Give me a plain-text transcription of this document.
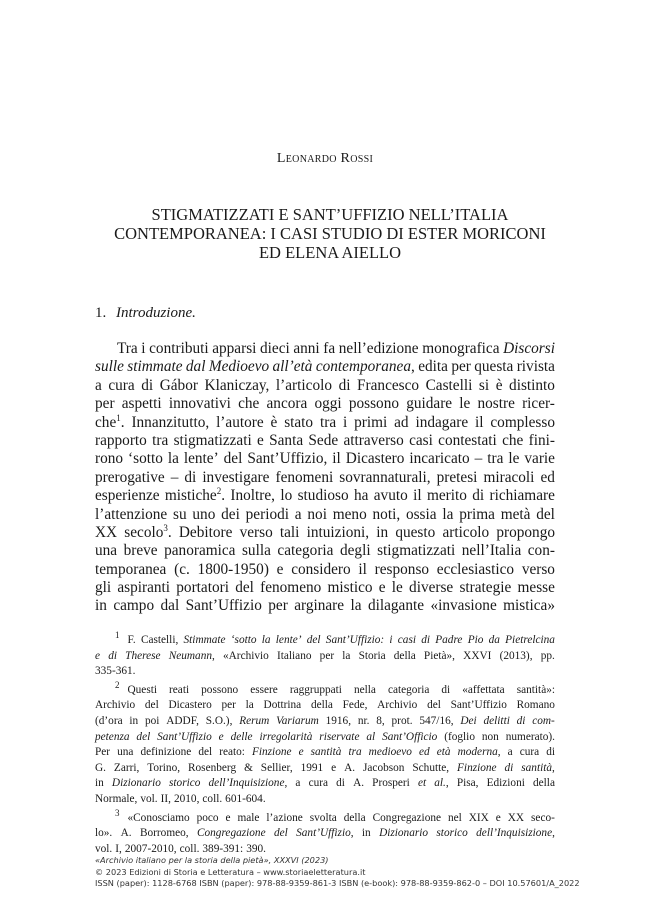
Leonardo Rossi
STIGMATIZZATI E SANT’UFFIZIO NELL’ITALIA
CONTEMPORANEA: I CASI STUDIO DI ESTER MORICONI
ED ELENA AIELLO
1. Introduzione.
Tra i contributi apparsi dieci anni fa nell’edizione monografica Discorsi
sulle stimmate dal Medioevo all’età contemporanea, edita per questa rivista
a cura di Gábor Klaniczay, l’articolo di Francesco Castelli si è distinto
per aspetti innovativi che ancora oggi possono guidare le nostre ricer-
che$^1$. Innanzitutto, l’autore è stato tra i primi ad indagare il complesso
rapporto tra stigmatizzati e Santa Sede attraverso casi contestati che fini-
rono ‘sotto la lente’ del Sant’Uffizio, il Dicastero incaricato – tra le varie
prerogative – di investigare fenomeni sovrannaturali, pretesi miracoli ed
esperienze mistiche$^2$. Inoltre, lo studioso ha avuto il merito di richiamare
l’attenzione su uno dei periodi a noi meno noti, ossia la prima metà del
XX secolo$^3$. Debitore verso tali intuizioni, in questo articolo propongo
una breve panoramica sulla categoria degli stigmatizzati nell’Italia con-
temporanea (c. 1800-1950) e considero il responso ecclesiastico verso
gli aspiranti portatori del fenomeno mistico e le diverse strategie messe
in campo dal Sant’Uffizio per arginare la dilagante «invasione mistica»
$^1$ F. Castelli, Stimmate ‘sotto la lente’ del Sant’Uffizio: i casi di Padre Pio da Pietrelcina
e di Therese Neumann, «Archivio Italiano per la Storia della Pietà», XXVI (2013), pp.
335-361.
$^2$ Questi reati possono essere raggruppati nella categoria di «affettata santità»:
Archivio del Dicastero per la Dottrina della Fede, Archivio del Sant’Uffizio Romano
(d’ora in poi ADDF, S.O.), Rerum Variarum 1916, nr. 8, prot. 547/16, Dei delitti di com-
petenza del Sant’Uffizio e delle irregolarità riservate al Sant’Officio (foglio non numerato).
Per una definizione del reato: Finzione e santità tra medioevo ed età moderna, a cura di
G. Zarri, Torino, Rosenberg & Sellier, 1991 e A. Jacobson Schutte, Finzione di santità,
in Dizionario storico dell’Inquisizione, a cura di A. Prosperi et al., Pisa, Edizioni della
Normale, vol. II, 2010, coll. 601-604.
$^3$ «Conosciamo poco e male l’azione svolta della Congregazione nel XIX e XX seco-
lo». A. Borromeo, Congregazione del Sant’Uffizio, in Dizionario storico dell’Inquisizione,
vol. I, 2007-2010, coll. 389-391: 390.
«Archivio italiano per la storia della pietà», XXXVI (2023)
© 2023 Edizioni di Storia e Letteratura – www.storiaeletteratura.it
ISSN (paper): 1128-6768 ISBN (paper): 978-88-9359-861-3 ISBN (e-book): 978-88-9359-862-0 – DOI 10.57601/A_2022
